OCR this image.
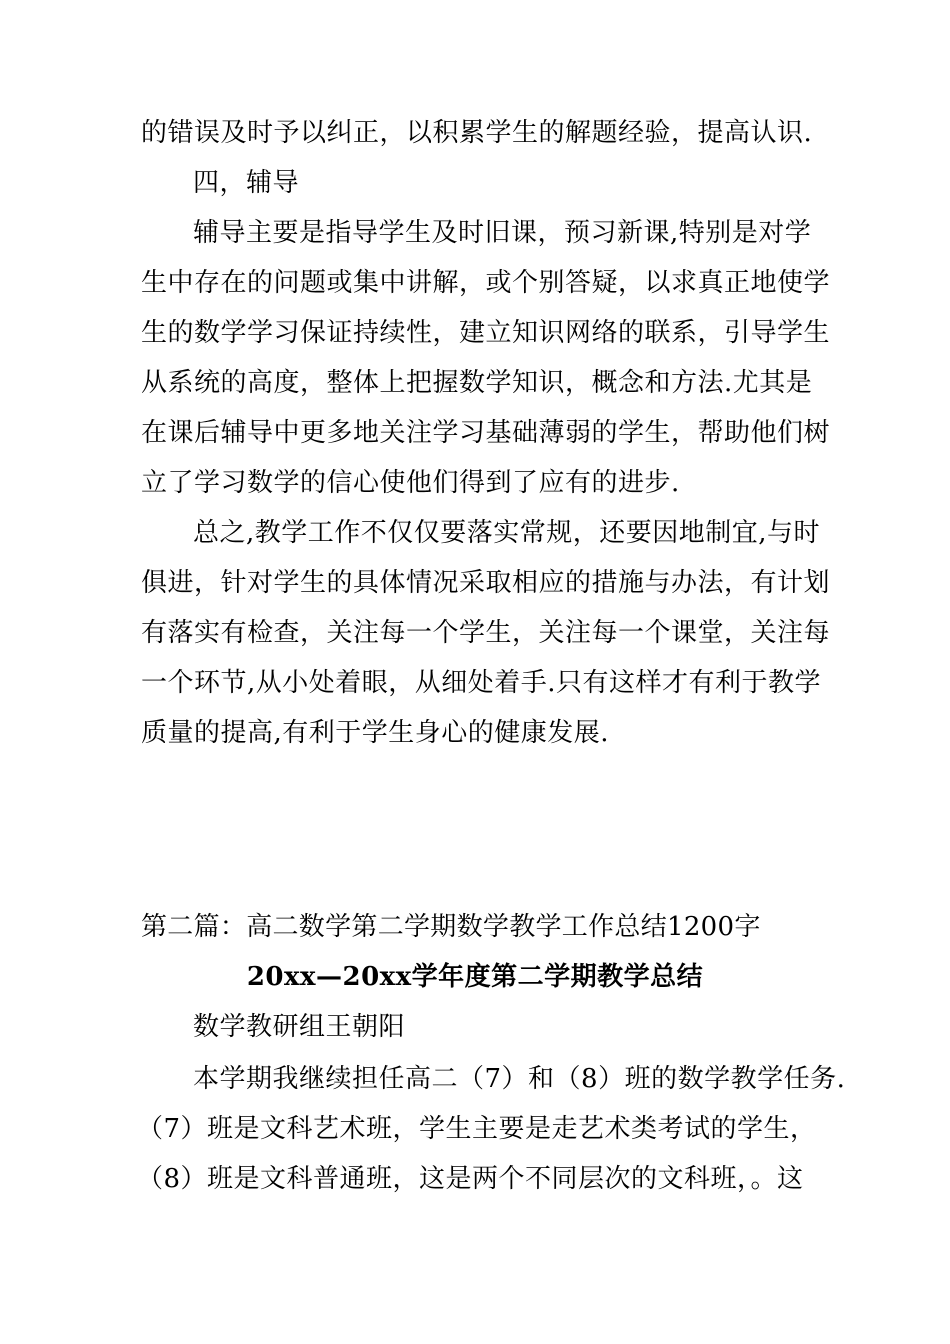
的错误及时予以纠正，以积累学生的解题经验，提高认识.
四，辅导
辅导主要是指导学生及时旧课，预习新课,特别是对学
生中存在的问题或集中讲解，或个别答疑，以求真正地使学
生的数学学习保证持续性，建立知识网络的联系，引导学生
从系统的高度，整体上把握数学知识，概念和方法.尤其是
在课后辅导中更多地关注学习基础薄弱的学生，帮助他们树
立了学习数学的信心使他们得到了应有的进步.
总之,教学工作不仅仅要落实常规，还要因地制宜,与时
俱进，针对学生的具体情况采取相应的措施与办法，有计划
有落实有检查，关注每一个学生，关注每一个课堂，关注每
一个环节,从小处着眼，从细处着手.只有这样才有利于教学
质量的提高,有利于学生身心的健康发展.
第二篇：高二数学第二学期数学教学工作总结1200字
20xx—20xx学年度第二学期教学总结
数学教研组王朝阳
本学期我继续担任高二（7）和（8）班的数学教学任务.
（7）班是文科艺术班，学生主要是走艺术类考试的学生，
（8）班是文科普通班，这是两个不同层次的文科班，。这
